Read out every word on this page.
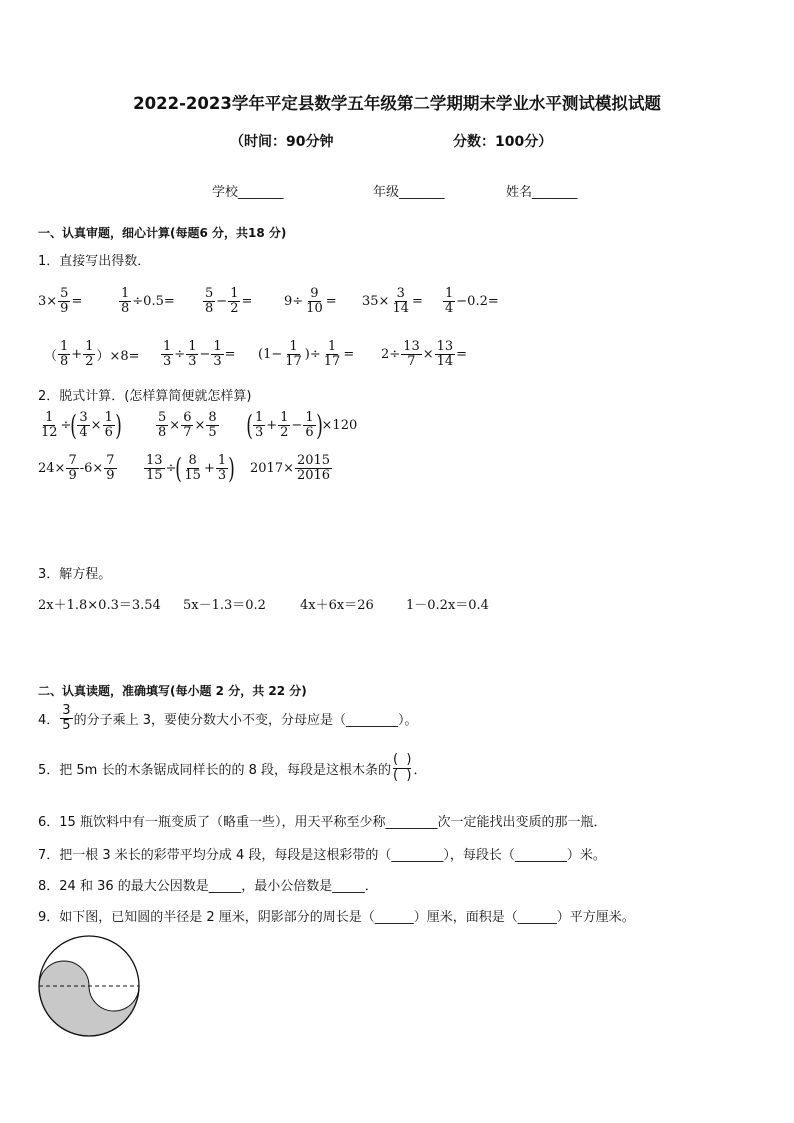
2022-2023学年平定县数学五年级第二学期期末学业水平测试模拟试题
（时间：90分钟	分数：100分）
学校_______	年级_______	姓名_______
一、认真审题，细心计算(每题6 分，共18 分)
1．直接写出得数．
$3\times \frac{5}{9}$ =	$\frac{1}{8} \div 0.5= \frac{5}{8} - \frac{1}{2} = 9\div \frac{9}{10} = 35\times \frac{3}{14} = \frac{1}{4} -0.2=$
（ $\frac{1}{8} + \frac{1}{2} )\times 8= \frac{1}{3} \div \frac{1}{3} - \frac{1}{3} = (1- \frac{1}{17}$ )÷ $\frac{1}{17} = 2\div \frac{13}{7} \times \frac{13}{14}$ =
2．脱式计算．(怎样算简便就怎样算)
$\frac{1}{12}$ ÷ ( $\frac{3}{4} \times \frac{1}{6}$ )	$\frac{5}{8} \times \frac{6}{7} \times \frac{8}{5}$ ( $\frac{1}{3} + \frac{1}{2} - \frac{1}{6}$ ) ×120
$24\times \frac{7}{9} -6\times \frac{7}{9} \frac{13}{15}$ ÷ ( $\frac{8}{15} + \frac{1}{3}$ ) $2017\times \frac{2015}{2016}$
3．解方程。
2x＋1.8×0.3＝3.54 5x－1.3＝0.2	4x＋6x＝26 1－0.2x＝0.4
二、认真读题，准确填写(每小题 2 分，共 22 分)
4． $\frac{3}{5}$ 的分子乘上 3，要使分数大小不变，分母应是（________）。
5．把 5m 长的木条锯成同样长的的 8 段，每段是这根木条的
(  )
(  ) ．
6．15 瓶饮料中有一瓶变质了（略重一些），用天平称至少称________次一定能找出变质的那一瓶．
7．把一根 3 米长的彩带平均分成 4 段，每段是这根彩带的（________），每段长（________）米。
8．24 和 36 的最大公因数是_____，最小公倍数是_____．
9．如下图，已知圆的半径是 2 厘米，阴影部分的周长是（______）厘米，面积是（______）平方厘米。
